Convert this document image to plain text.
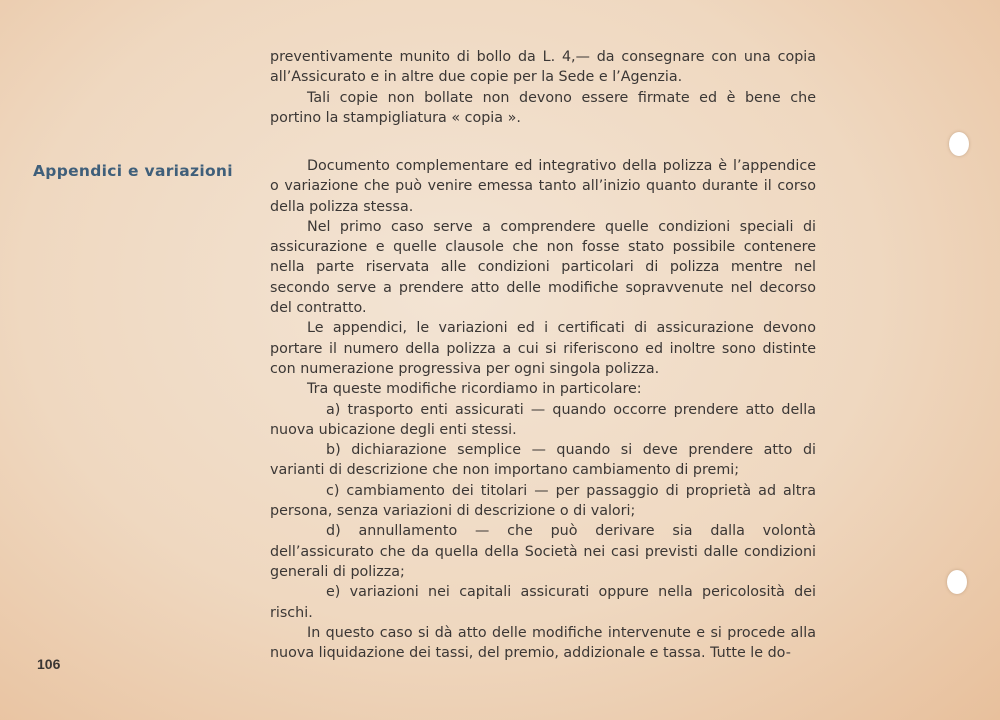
Appendici e variazioni

preventivamente munito di bollo da L. 4,— da consegnare con una copia all’Assicurato e in altre due copie per la Sede e l’Agenzia.

Tali copie non bollate non devono essere firmate ed è bene che portino la stampigliatura « copia ».

Documento complementare ed integrativo della polizza è l’appendice o variazione che può venire emessa tanto all’inizio quanto durante il corso della polizza stessa.

Nel primo caso serve a comprendere quelle condizioni speciali di assicurazione e quelle clausole che non fosse stato possibile contenere nella parte riservata alle condizioni particolari di polizza mentre nel secondo serve a prendere atto delle modifiche sopravvenute nel decorso del contratto.

Le appendici, le variazioni ed i certificati di assicurazione devono portare il numero della polizza a cui si riferiscono ed inoltre sono distinte con numerazione progressiva per ogni singola polizza.

Tra queste modifiche ricordiamo in particolare:

a) trasporto enti assicurati — quando occorre prendere atto della nuova ubicazione degli enti stessi.

b) dichiarazione semplice — quando si deve prendere atto di varianti di descrizione che non importano cambiamento di premi;

c) cambiamento dei titolari — per passaggio di proprietà ad altra persona, senza variazioni di descrizione o di valori;

d) annullamento — che può derivare sia dalla volontà dell’assicurato che da quella della Società nei casi previsti dalle condizioni generali di polizza;

e) variazioni nei capitali assicurati oppure nella pericolosità dei rischi.

In questo caso si dà atto delle modifiche intervenute e si procede alla nuova liquidazione dei tassi, del premio, addizionale e tassa. Tutte le do-

106
